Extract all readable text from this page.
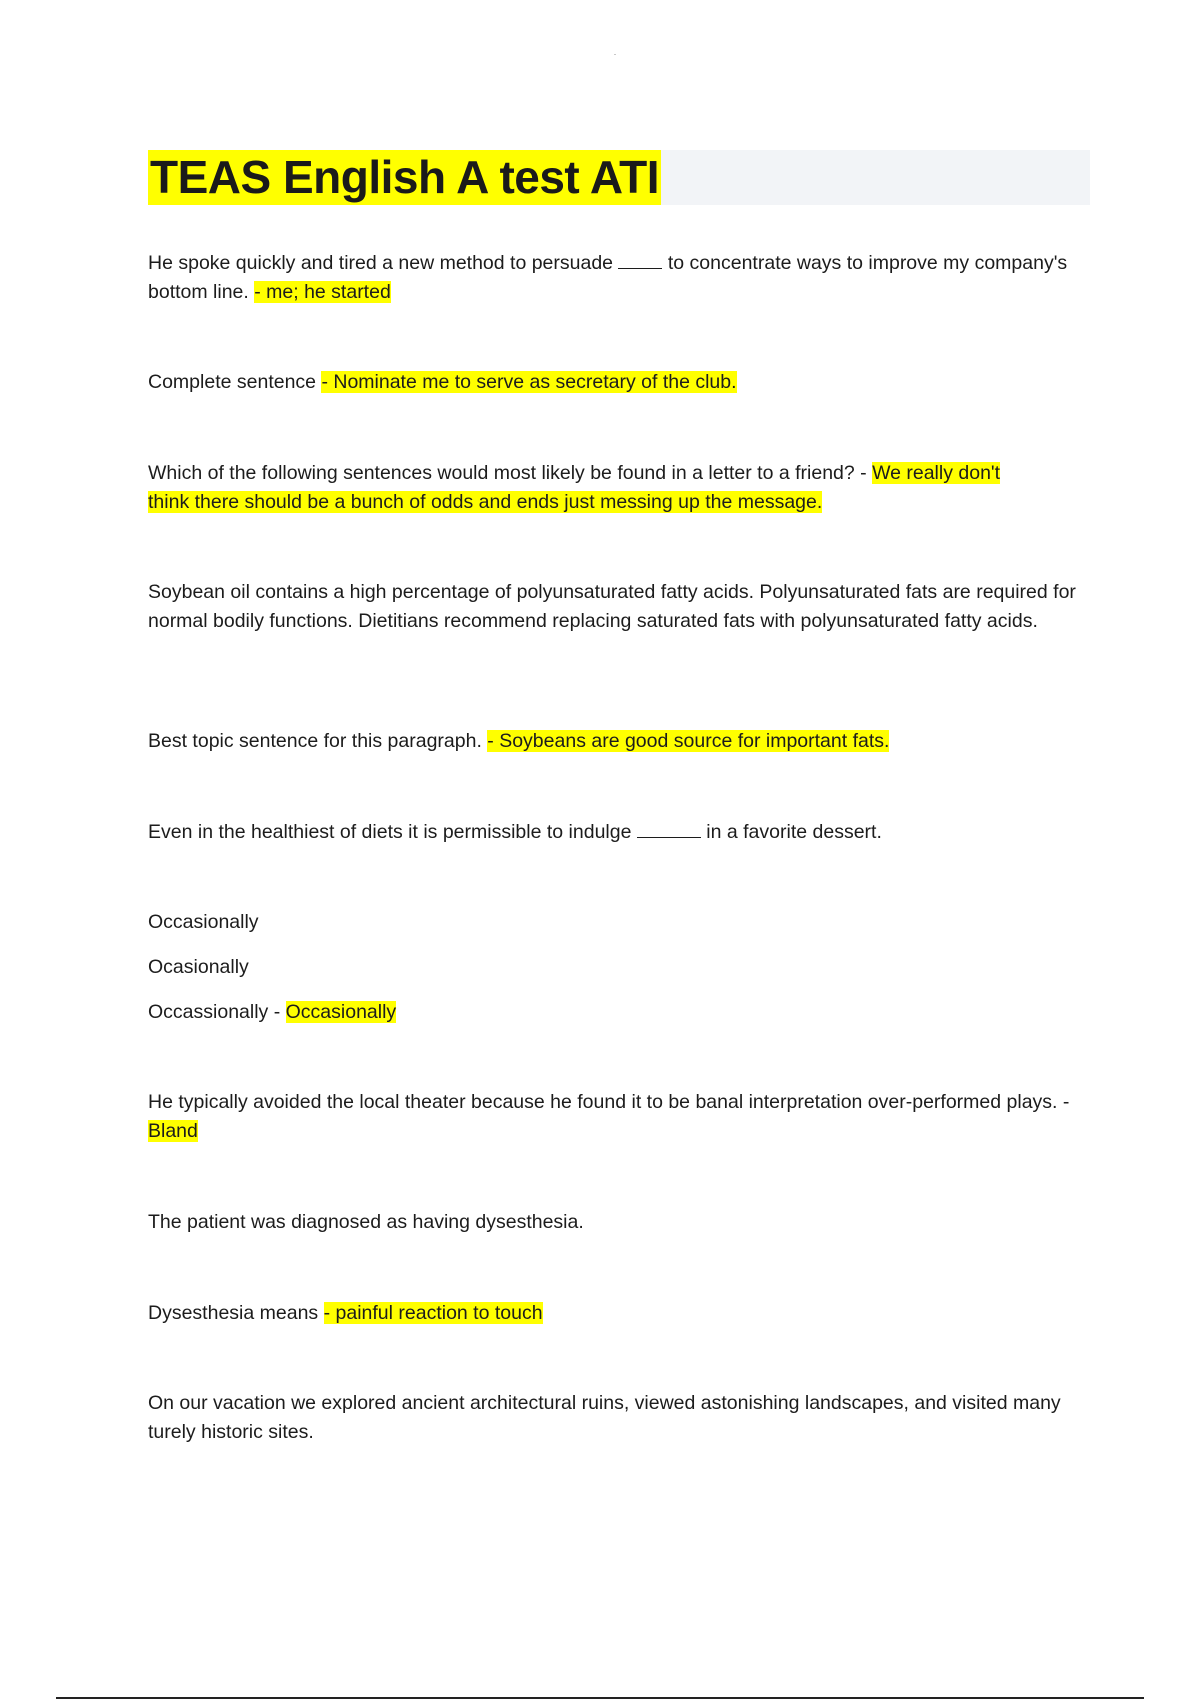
TEAS English A test ATI

He spoke quickly and tired a new method to persuade	to concentrate ways to improve my company's bottom line. - me; he started

Complete sentence - Nominate me to serve as secretary of the club.

Which of the following sentences would most likely be found in a letter to a friend? - We really don't
think there should be a bunch of odds and ends just messing up the message.

Soybean oil contains a high percentage of polyunsaturated fatty acids. Polyunsaturated fats are required for normal bodily functions. Dietitians recommend replacing saturated fats with polyunsaturated fatty acids.

Best topic sentence for this paragraph. - Soybeans are good source for important fats.

Even in the healthiest of diets it is permissible to indulge	in a favorite dessert.

Occasionally

Ocasionally

Occassionally - Occasionally

He typically avoided the local theater because he found it to be banal interpretation over-performed plays. - Bland

The patient was diagnosed as having dysesthesia.

Dysesthesia means - painful reaction to touch

On our vacation we explored ancient architectural ruins, viewed astonishing landscapes, and visited many turely historic sites.
